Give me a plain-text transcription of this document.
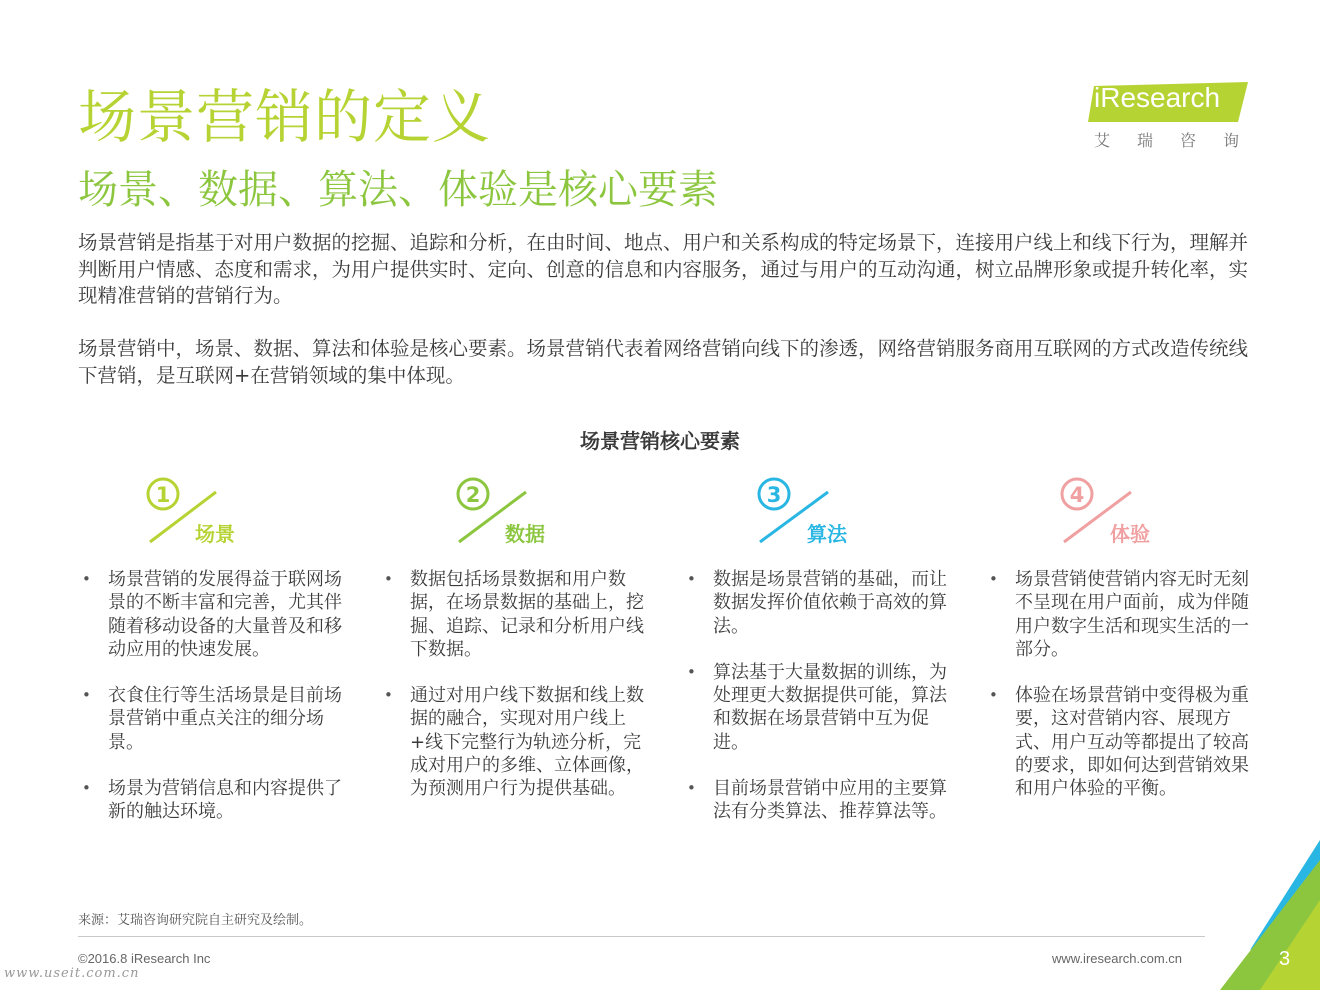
场景营销的定义
场景、数据、算法、体验是核心要素
iResearch
艾瑞咨询
场景营销是指基于对用户数据的挖掘、追踪和分析，在由时间、地点、用户和关系构成的特定场景下，连接用户线上和线下行为，理解并判断用户情感、态度和需求，为用户提供实时、定向、创意的信息和内容服务，通过与用户的互动沟通，树立品牌形象或提升转化率，实现精准营销的营销行为。
场景营销中，场景、数据、算法和体验是核心要素。场景营销代表着网络营销向线下的渗透，网络营销服务商用互联网的方式改造传统线下营销，是互联网+在营销领域的集中体现。
场景营销核心要素
1
场景
• 场景营销的发展得益于联网场景的不断丰富和完善，尤其伴随着移动设备的大量普及和移动应用的快速发展。
• 衣食住行等生活场景是目前场景营销中重点关注的细分场景。
• 场景为营销信息和内容提供了新的触达环境。
2
数据
• 数据包括场景数据和用户数据，在场景数据的基础上，挖掘、追踪、记录和分析用户线下数据。
• 通过对用户线下数据和线上数据的融合，实现对用户线上+线下完整行为轨迹分析，完成对用户的多维、立体画像，为预测用户行为提供基础。
3
算法
• 数据是场景营销的基础，而让数据发挥价值依赖于高效的算法。
• 算法基于大量数据的训练，为处理更大数据提供可能，算法和数据在场景营销中互为促进。
• 目前场景营销中应用的主要算法有分类算法、推荐算法等。
4
体验
• 场景营销使营销内容无时无刻不呈现在用户面前，成为伴随用户数字生活和现实生活的一部分。
• 体验在场景营销中变得极为重要，这对营销内容、展现方式、用户互动等都提出了较高的要求，即如何达到营销效果和用户体验的平衡。
来源：艾瑞咨询研究院自主研究及绘制。
©2016.8 iResearch Inc	www.iresearch.com.cn	3
www.useit.com.cn
